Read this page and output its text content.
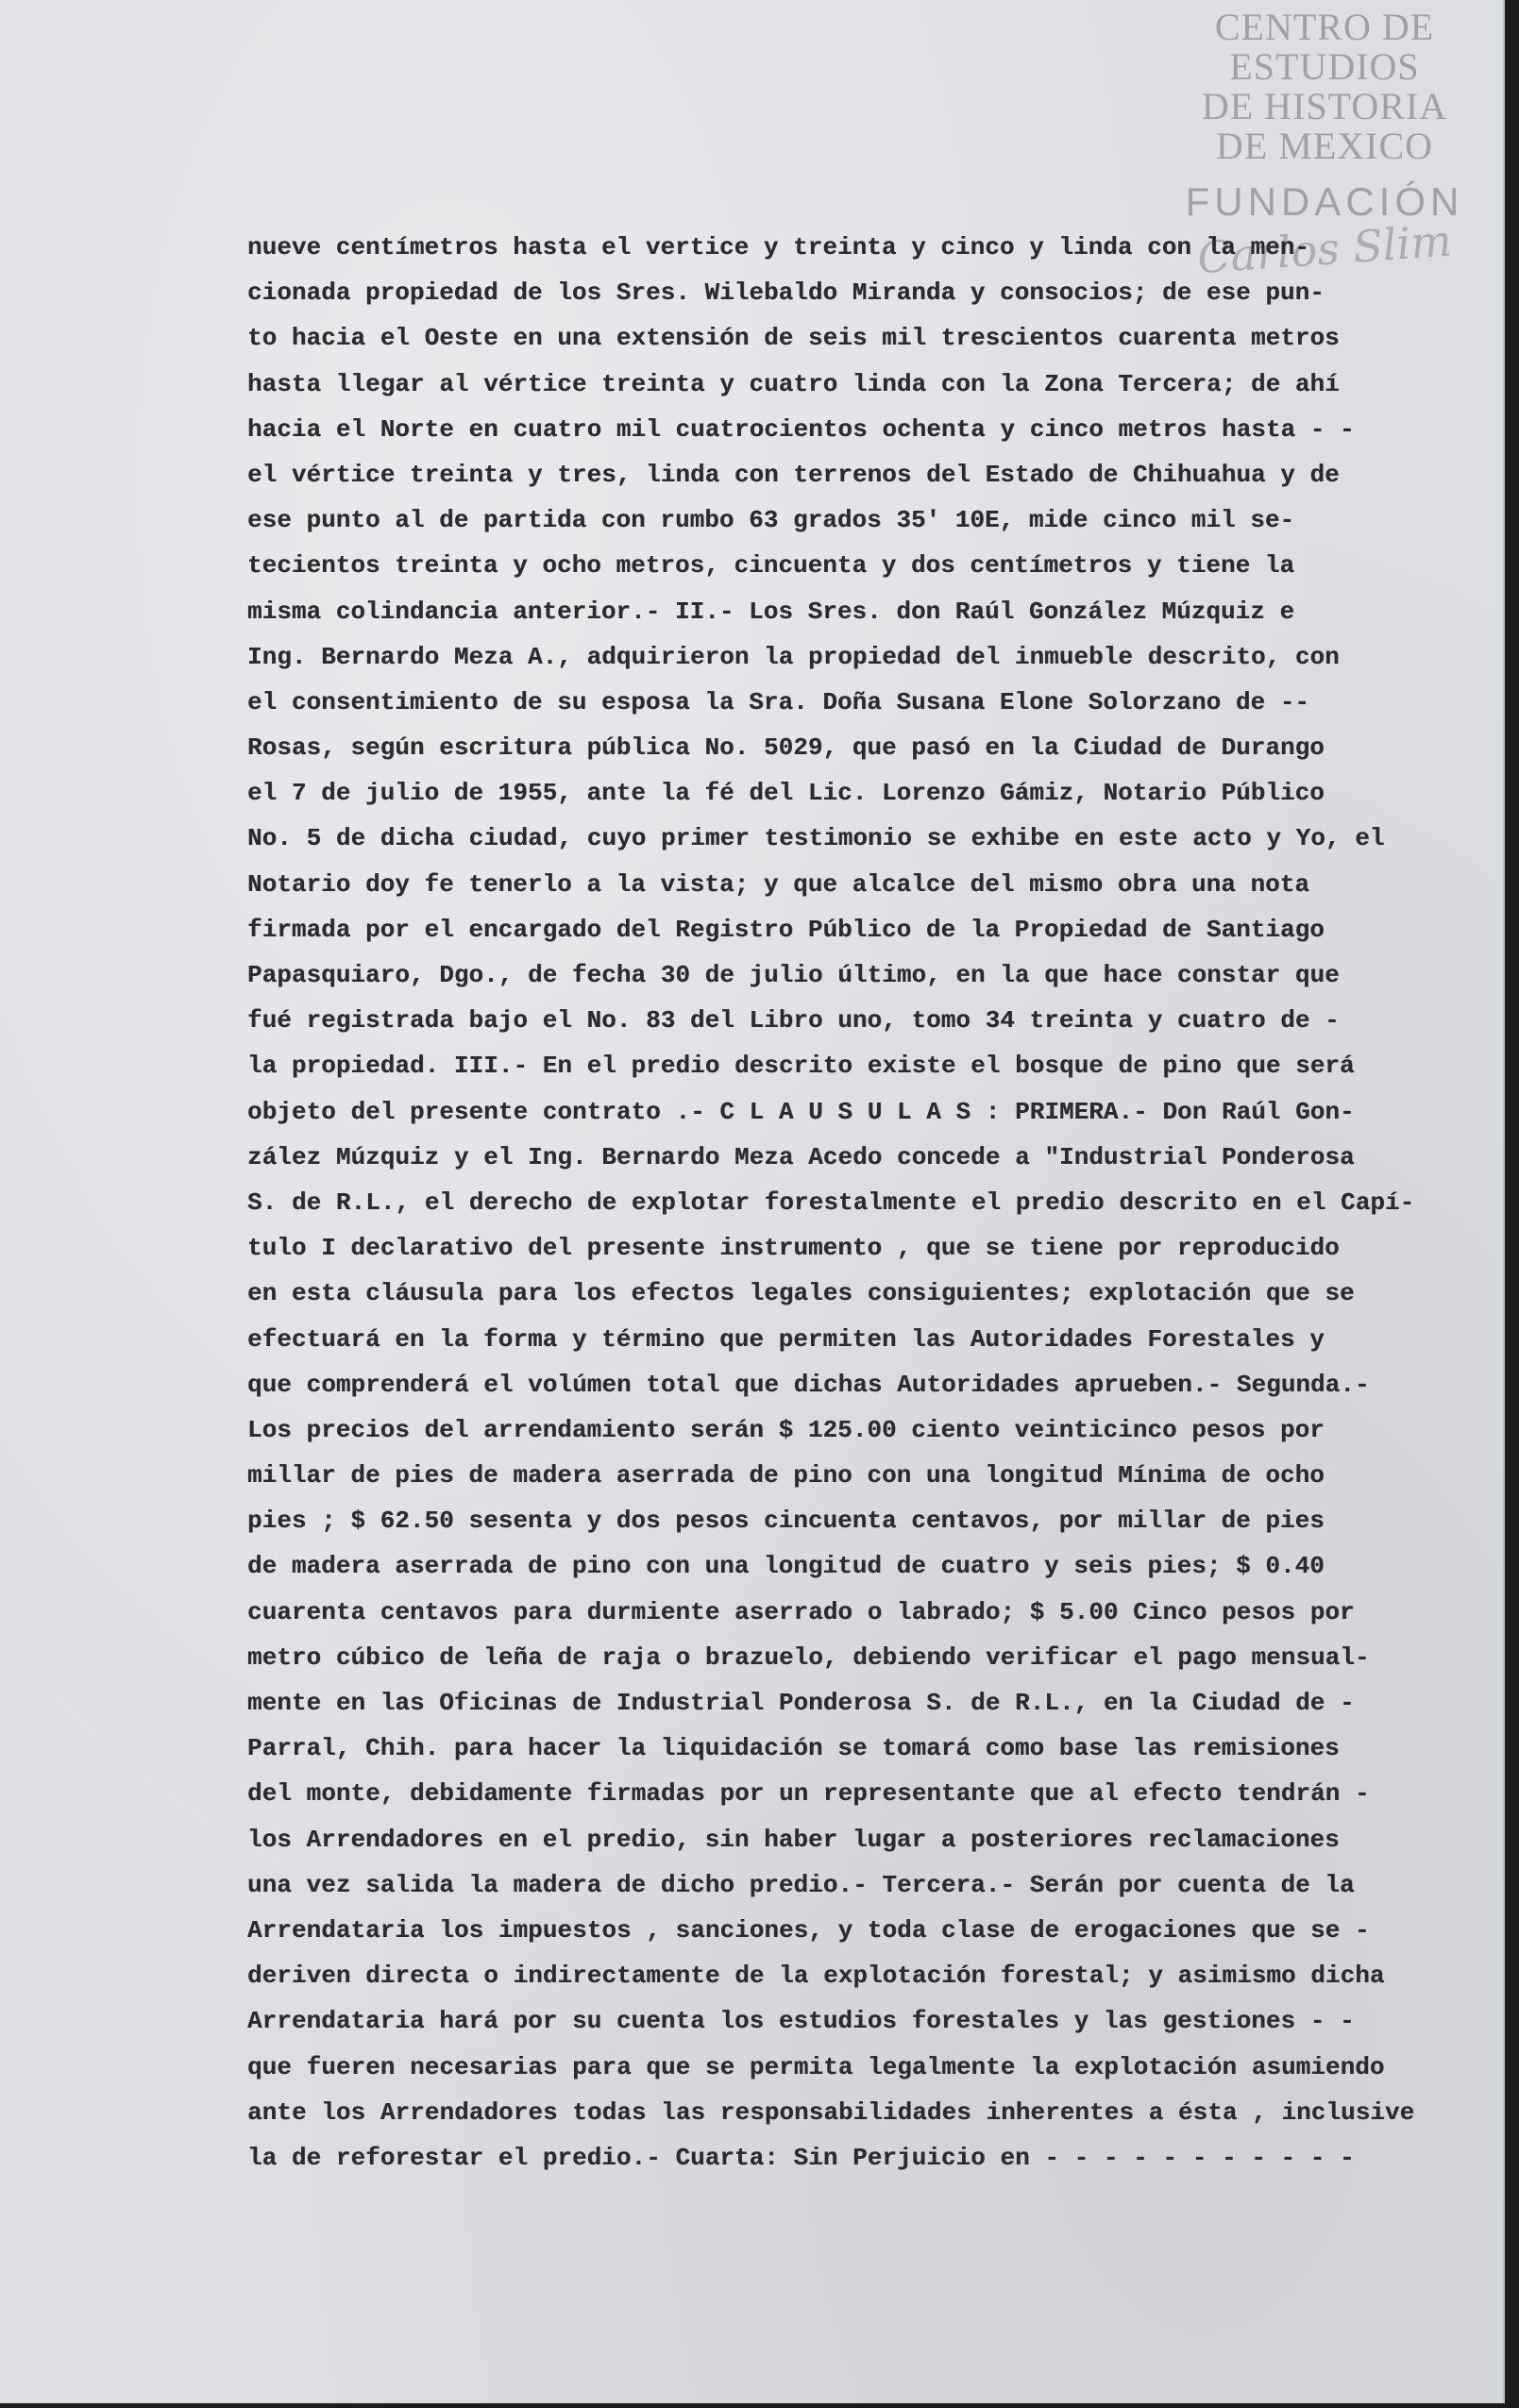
CENTRO DE
ESTUDIOS
DE HISTORIA
DE MEXICO
FUNDACIÓN
Carlos Slim
nueve centímetros hasta el vertice y treinta y cinco y linda con la men-
cionada propiedad de los Sres. Wilebaldo Miranda y consocios; de ese pun-
to hacia el Oeste en una extensión de seis mil trescientos cuarenta metros
hasta llegar al vértice treinta y cuatro linda con la Zona Tercera; de ahí
hacia el Norte en cuatro mil cuatrocientos ochenta y cinco metros hasta - -
el vértice treinta y tres, linda con terrenos del Estado de Chihuahua y de
ese punto al de partida con rumbo 63 grados 35' 10E, mide cinco mil se-
tecientos treinta y ocho metros, cincuenta y dos centímetros y tiene la
misma colindancia anterior.- II.- Los Sres. don Raúl González Múzquiz e
Ing. Bernardo Meza A., adquirieron la propiedad del inmueble descrito, con
el consentimiento de su esposa la Sra. Doña Susana Elone Solorzano de --
Rosas, según escritura pública No. 5029, que pasó en la Ciudad de Durango
el 7 de julio de 1955, ante la fé del Lic. Lorenzo Gámiz, Notario Público
No. 5 de dicha ciudad, cuyo primer testimonio se exhibe en este acto y Yo, el
Notario doy fe tenerlo a la vista; y que alcalce del mismo obra una nota
firmada por el encargado del Registro Público de la Propiedad de Santiago
Papasquiaro, Dgo., de fecha 30 de julio último, en la que hace constar que
fué registrada bajo el No. 83 del Libro uno, tomo 34 treinta y cuatro de -
la propiedad. III.- En el predio descrito existe el bosque de pino que será
objeto del presente contrato .- C L A U S U L A S : PRIMERA.- Don Raúl Gon-
zález Múzquiz y el Ing. Bernardo Meza Acedo concede a "Industrial Ponderosa
S. de R.L., el derecho de explotar forestalmente el predio descrito en el Capí-
tulo I declarativo del presente instrumento , que se tiene por reproducido
en esta cláusula para los efectos legales consiguientes; explotación que se
efectuará en la forma y término que permiten las Autoridades Forestales y
que comprenderá el volúmen total que dichas Autoridades aprueben.- Segunda.-
Los precios del arrendamiento serán $ 125.00 ciento veinticinco pesos por
millar de pies de madera aserrada de pino con una longitud Mínima de ocho
pies ; $ 62.50 sesenta y dos pesos cincuenta centavos, por millar de pies
de madera aserrada de pino con una longitud de cuatro y seis pies; $ 0.40
cuarenta centavos para durmiente aserrado o labrado; $ 5.00 Cinco pesos por
metro cúbico de leña de raja o brazuelo, debiendo verificar el pago mensual-
mente en las Oficinas de Industrial Ponderosa S. de R.L., en la Ciudad de -
Parral, Chih. para hacer la liquidación se tomará como base las remisiones
del monte, debidamente firmadas por un representante que al efecto tendrán -
los Arrendadores en el predio, sin haber lugar a posteriores reclamaciones
una vez salida la madera de dicho predio.- Tercera.- Serán por cuenta de la
Arrendataria los impuestos , sanciones, y toda clase de erogaciones que se -
deriven directa o indirectamente de la explotación forestal; y asimismo dicha
Arrendataria hará por su cuenta los estudios forestales y las gestiones - -
que fueren necesarias para que se permita legalmente la explotación asumiendo
ante los Arrendadores todas las responsabilidades inherentes a ésta , inclusive
la de reforestar el predio.- Cuarta: Sin Perjuicio en - - - - - - - - - - -
